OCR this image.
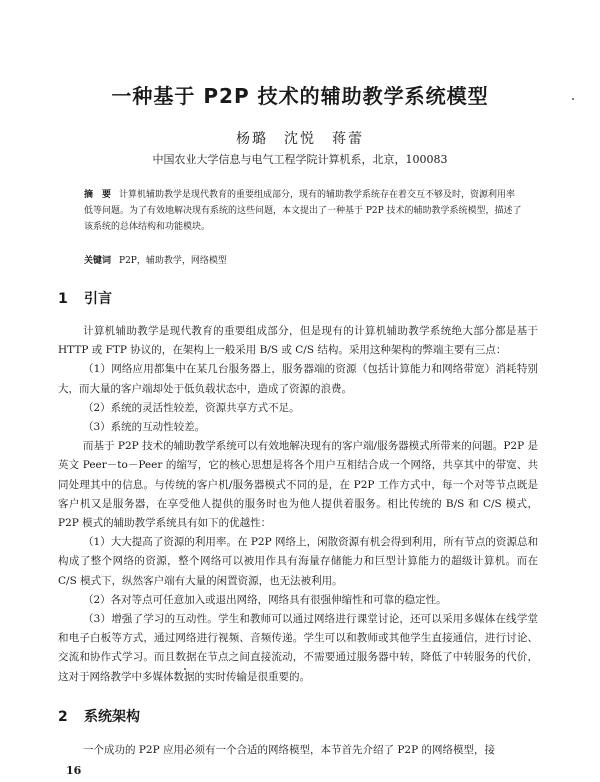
一种基于 P2P 技术的辅助教学系统模型
杨璐　沈悦　蒋蕾
中国农业大学信息与电气工程学院计算机系，北京，100083
摘　要 计算机辅助教学是现代教育的重要组成部分，现有的辅助教学系统存在着交互不够及时，资源利用率低等问题。为了有效地解决现有系统的这些问题，本文提出了一种基于 P2P 技术的辅助教学系统模型，描述了该系统的总体结构和功能模块。
关键词 P2P，辅助教学，网络模型
1 引言

计算机辅助教学是现代教育的重要组成部分，但是现有的计算机辅助教学系统绝大部分都是基于 HTTP 或 FTP 协议的，在架构上一般采用 B/S 或 C/S 结构。采用这种架构的弊端主要有三点：

（1）网络应用都集中在某几台服务器上，服务器端的资源（包括计算能力和网络带宽）消耗特别大，而大量的客户端却处于低负载状态中，造成了资源的浪费。

（2）系统的灵活性较差，资源共享方式不足。

（3）系统的互动性较差。

而基于 P2P 技术的辅助教学系统可以有效地解决现有的客户端/服务器模式所带来的问题。P2P 是英文 Peer－to－Peer 的缩写，它的核心思想是将各个用户互相结合成一个网络，共享其中的带宽、共同处理其中的信息。与传统的客户机/服务器模式不同的是，在 P2P 工作方式中，每一个对等节点既是客户机又是服务器，在享受他人提供的服务时也为他人提供着服务。相比传统的 B/S 和 C/S 模式，P2P 模式的辅助教学系统具有如下的优越性：

（1）大大提高了资源的利用率。在 P2P 网络上，闲散资源有机会得到利用，所有节点的资源总和构成了整个网络的资源，整个网络可以被用作具有海量存储能力和巨型计算能力的超级计算机。而在 C/S 模式下，纵然客户端有大量的闲置资源，也无法被利用。

（2）各对等点可任意加入或退出网络，网络具有很强伸缩性和可靠的稳定性。

（3）增强了学习的互动性。学生和教师可以通过网络进行课堂讨论，还可以采用多媒体在线学堂和电子白板等方式，通过网络进行视频、音频传递。学生可以和教师或其他学生直接通信，进行讨论、交流和协作式学习。而且数据在节点之间直接流动，不需要通过服务器中转，降低了中转服务的代价，这对于网络教学中多媒体数据的实时传输是很重要的。

2 系统架构
一个成功的 P2P 应用必须有一个合适的网络模型，本节首先介绍了 P2P 的网络模型，接
16
